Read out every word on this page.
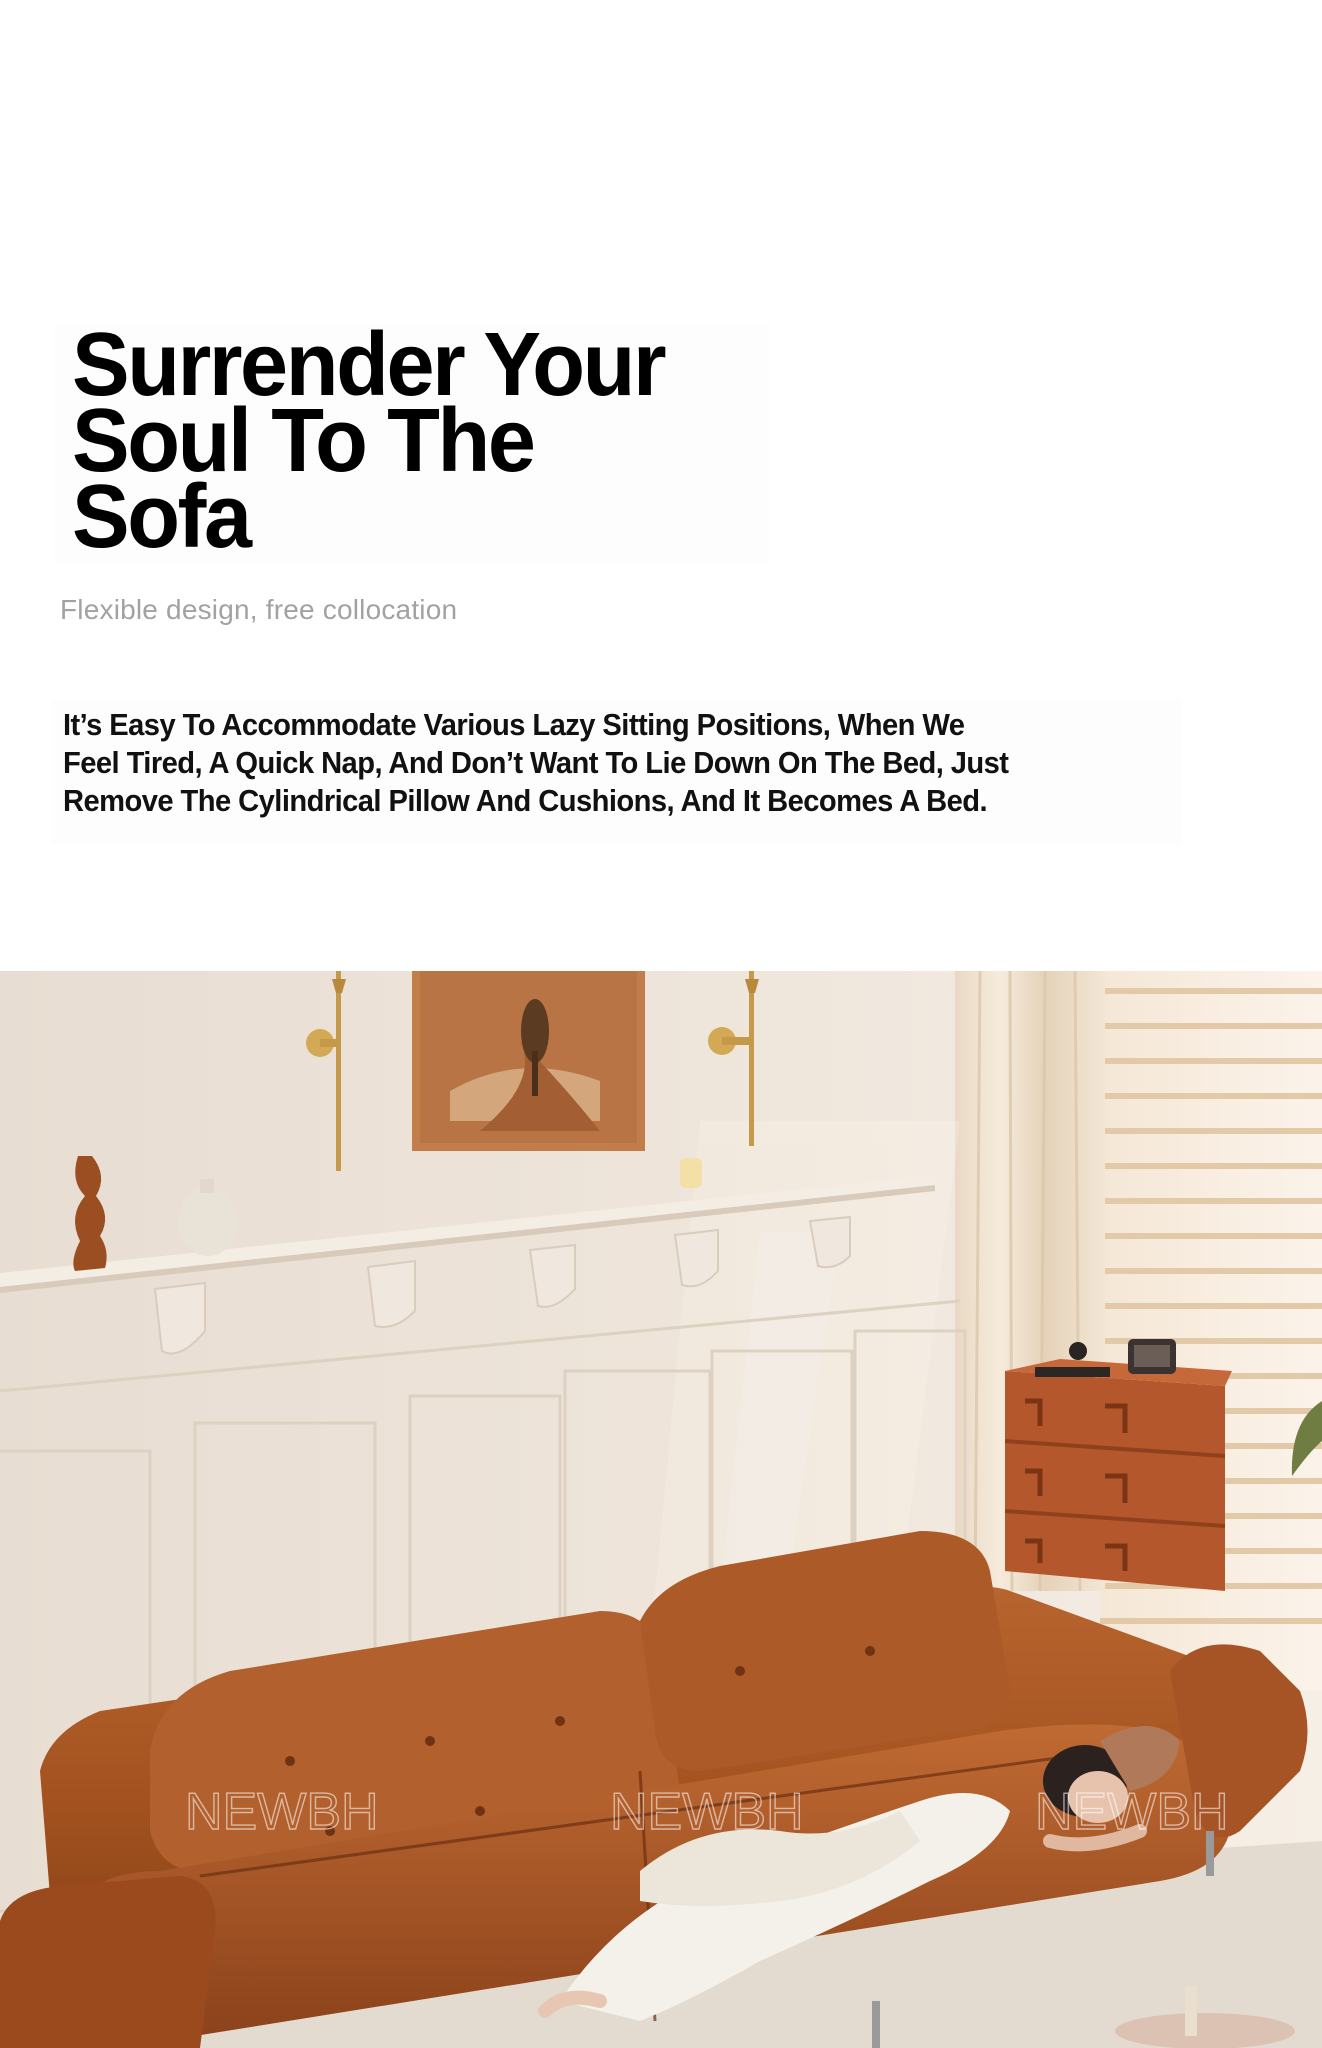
Surrender Your
Soul To The
Sofa
Flexible design, free collocation

It’s Easy To Accommodate Various Lazy Sitting Positions, When We
Feel Tired, A Quick Nap, And Don’t Want To Lie Down On The Bed, Just
Remove The Cylindrical Pillow And Cushions, And It Becomes A Bed.

NEWBH	NEWBH	NEWBH
